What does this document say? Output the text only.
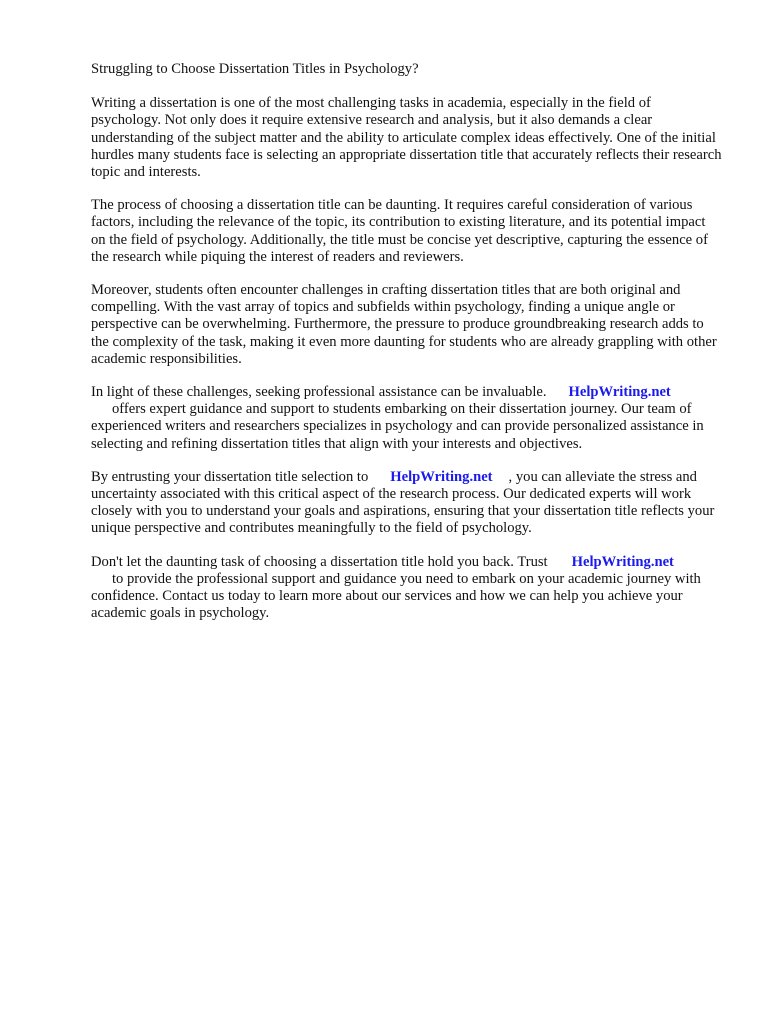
Struggling to Choose Dissertation Titles in Psychology?

Writing a dissertation is one of the most challenging tasks in academia, especially in the field of psychology. Not only does it require extensive research and analysis, but it also demands a clear understanding of the subject matter and the ability to articulate complex ideas effectively. One of the initial hurdles many students face is selecting an appropriate dissertation title that accurately reflects their research topic and interests.

The process of choosing a dissertation title can be daunting. It requires careful consideration of various factors, including the relevance of the topic, its contribution to existing literature, and its potential impact on the field of psychology. Additionally, the title must be concise yet descriptive, capturing the essence of the research while piquing the interest of readers and reviewers.

Moreover, students often encounter challenges in crafting dissertation titles that are both original and compelling. With the vast array of topics and subfields within psychology, finding a unique angle or perspective can be overwhelming. Furthermore, the pressure to produce groundbreaking research adds to the complexity of the task, making it even more daunting for students who are already grappling with other academic responsibilities.

In light of these challenges, seeking professional assistance can be invaluable. HelpWriting.net
offers expert guidance and support to students embarking on their dissertation journey. Our team of experienced writers and researchers specializes in psychology and can provide personalized assistance in selecting and refining dissertation titles that align with your interests and objectives.

By entrusting your dissertation title selection to HelpWriting.net , you can alleviate the stress and uncertainty associated with this critical aspect of the research process. Our dedicated experts will work closely with you to understand your goals and aspirations, ensuring that your dissertation title reflects your unique perspective and contributes meaningfully to the field of psychology.

Don't let the daunting task of choosing a dissertation title hold you back. Trust HelpWriting.net
to provide the professional support and guidance you need to embark on your academic journey with confidence. Contact us today to learn more about our services and how we can help you achieve your academic goals in psychology.
